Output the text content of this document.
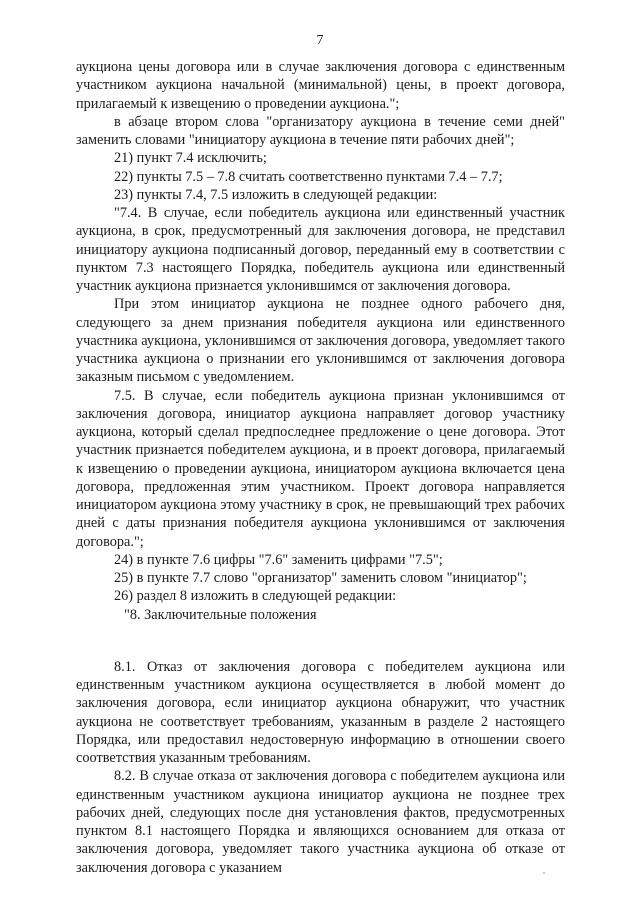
7

аукциона цены договора или в случае заключения договора с единственным участником аукциона начальной (минимальной) цены, в проект договора, прилагаемый к извещению о проведении аукциона.";

в абзаце втором слова "организатору аукциона в течение семи дней" заменить словами "инициатору аукциона в течение пяти рабочих дней";

21) пункт 7.4 исключить;

22) пункты 7.5 – 7.8 считать соответственно пунктами 7.4 – 7.7;

23) пункты 7.4, 7.5 изложить в следующей редакции:

"7.4. В случае, если победитель аукциона или единственный участник аукциона, в срок, предусмотренный для заключения договора, не представил инициатору аукциона подписанный договор, переданный ему в соответствии с пунктом 7.3 настоящего Порядка, победитель аукциона или единственный участник аукциона признается уклонившимся от заключения договора.

При этом инициатор аукциона не позднее одного рабочего дня, следующего за днем признания победителя аукциона или единственного участника аукциона, уклонившимся от заключения договора, уведомляет такого участника аукциона о признании его уклонившимся от заключения договора заказным письмом с уведомлением.

7.5. В случае, если победитель аукциона признан уклонившимся от заключения договора, инициатор аукциона направляет договор участнику аукциона, который сделал предпоследнее предложение о цене договора. Этот участник признается победителем аукциона, и в проект договора, прилагаемый к извещению о проведении аукциона, инициатором аукциона включается цена договора, предложенная этим участником. Проект договора направляется инициатором аукциона этому участнику в срок, не превышающий трех рабочих дней с даты признания победителя аукциона уклонившимся от заключения договора.";

24) в пункте 7.6 цифры "7.6" заменить цифрами "7.5";

25) в пункте 7.7 слово "организатор" заменить словом "инициатор";

26) раздел 8 изложить в следующей редакции:

"8. Заключительные положения

8.1. Отказ от заключения договора с победителем аукциона или единственным участником аукциона осуществляется в любой момент до заключения договора, если инициатор аукциона обнаружит, что участник аукциона не соответствует требованиям, указанным в разделе 2 настоящего Порядка, или предоставил недостоверную информацию в отношении своего соответствия указанным требованиям.

8.2. В случае отказа от заключения договора с победителем аукциона или единственным участником аукциона инициатор аукциона не позднее трех рабочих дней, следующих после дня установления фактов, предусмотренных пунктом 8.1 настоящего Порядка и являющихся основанием для отказа от заключения договора, уведомляет такого участника аукциона об отказе от заключения договора с указанием
